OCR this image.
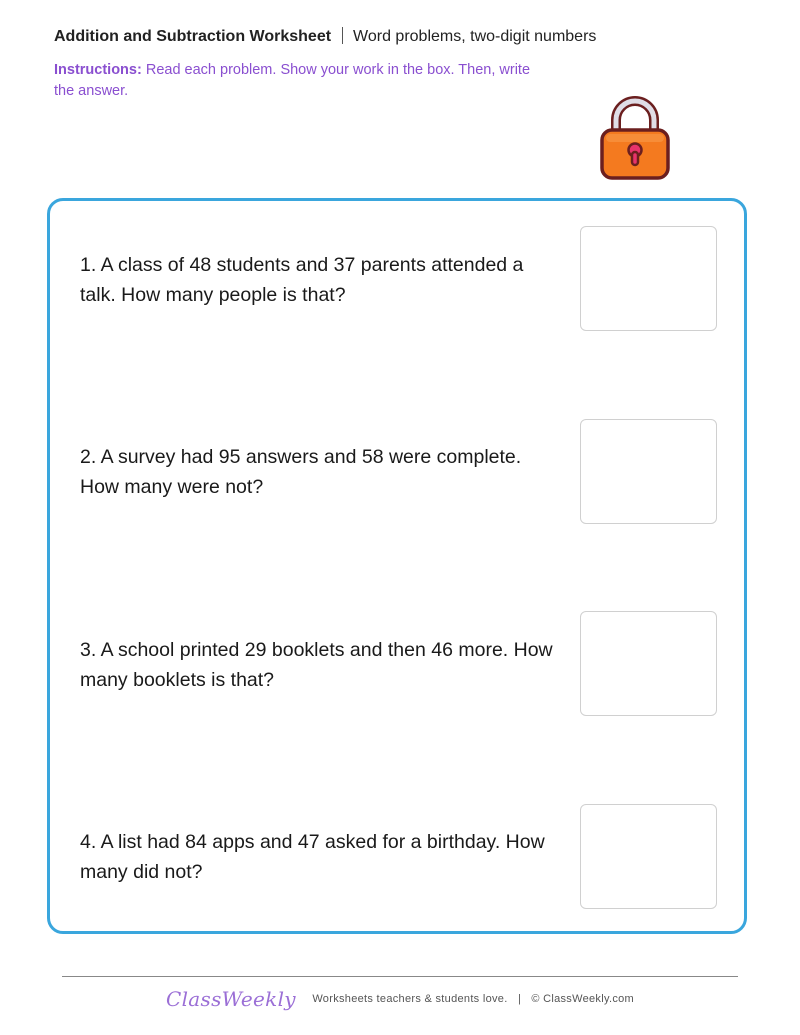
Addition and Subtraction Worksheet Word problems, two-digit numbers
Instructions: Read each problem. Show your work in the box. Then, write the answer.
1. A class of 48 students and 37 parents attended a talk. How many people is that?
2. A survey had 95 answers and 58 were complete. How many were not?
3. A school printed 29 booklets and then 46 more. How many booklets is that?
4. A list had 84 apps and 47 asked for a birthday. How many did not?
ClassWeekly Worksheets teachers & students love. | © ClassWeekly.com
